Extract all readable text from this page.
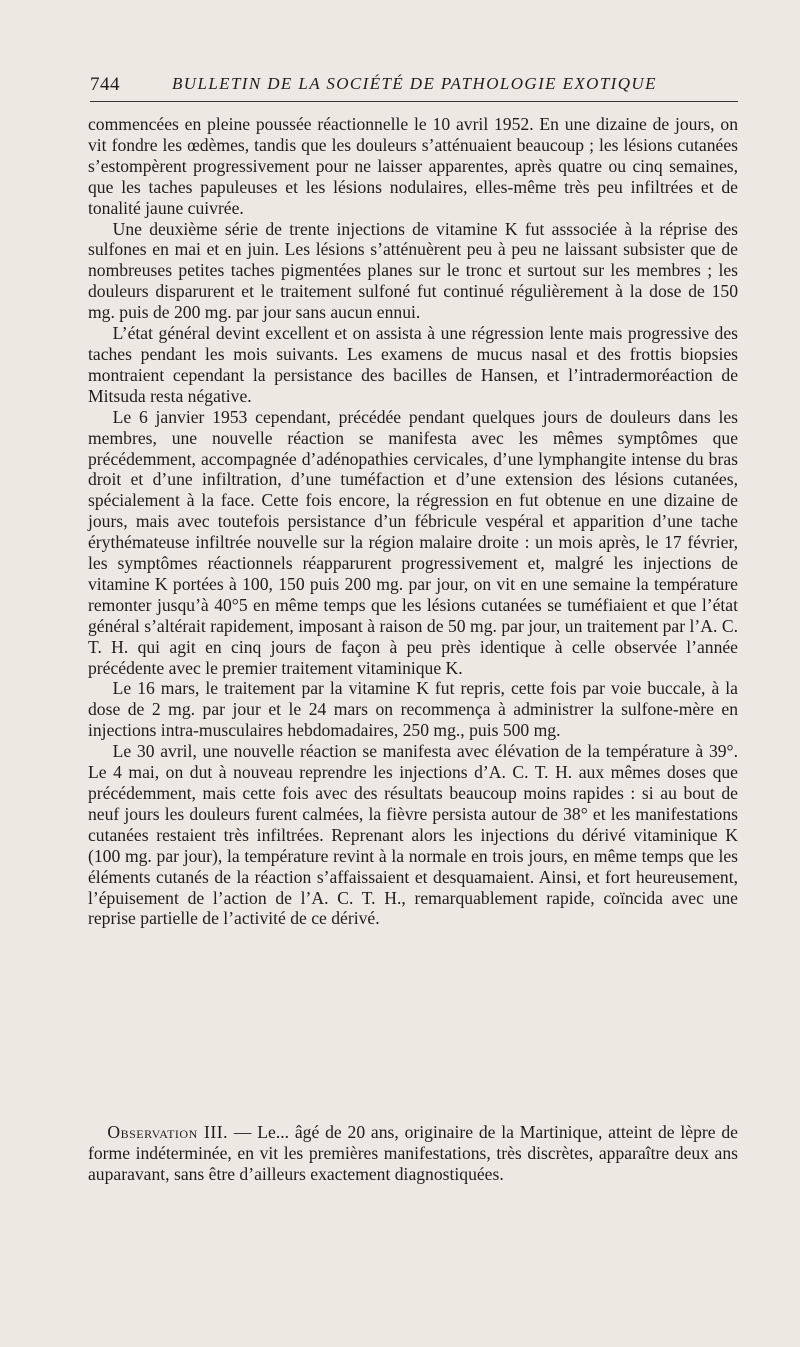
744	BULLETIN DE LA SOCIÉTÉ DE PATHOLOGIE EXOTIQUE

commencées en pleine poussée réactionnelle le 10 avril 1952. En une dizaine de jours, on vit fondre les œdèmes, tandis que les douleurs s’atténuaient beaucoup ; les lésions cutanées s’estompèrent progressivement pour ne laisser apparentes, après quatre ou cinq semaines, que les taches papuleuses et les lésions nodulaires, elles-même très peu infiltrées et de tonalité jaune cuivrée.

Une deuxième série de trente injections de vitamine K fut asssociée à la réprise des sulfones en mai et en juin. Les lésions s’atténuèrent peu à peu ne laissant subsister que de nombreuses petites taches pigmentées planes sur le tronc et surtout sur les membres ; les douleurs disparurent et le traitement sulfoné fut continué régulièrement à la dose de 150 mg. puis de 200 mg. par jour sans aucun ennui.

L’état général devint excellent et on assista à une régression lente mais progressive des taches pendant les mois suivants. Les examens de mucus nasal et des frottis biopsies montraient cependant la persistance des bacilles de Hansen, et l’intradermoréaction de Mitsuda resta négative.

Le 6 janvier 1953 cependant, précédée pendant quelques jours de douleurs dans les membres, une nouvelle réaction se manifesta avec les mêmes symptômes que précédemment, accompagnée d’adénopathies cervicales, d’une lymphangite intense du bras droit et d’une infiltration, d’une tuméfaction et d’une extension des lésions cutanées, spécialement à la face. Cette fois encore, la régression en fut obtenue en une dizaine de jours, mais avec toutefois persistance d’un fébricule vespéral et apparition d’une tache érythémateuse infiltrée nouvelle sur la région malaire droite : un mois après, le 17 février, les symptômes réactionnels réapparurent progressivement et, malgré les injections de vitamine K portées à 100, 150 puis 200 mg. par jour, on vit en une semaine la température remonter jusqu’à 40°5 en même temps que les lésions cutanées se tuméfiaient et que l’état général s’altérait rapidement, imposant à raison de 50 mg. par jour, un traitement par l’A. C. T. H. qui agit en cinq jours de façon à peu près identique à celle observée l’année précédente avec le premier traitement vitaminique K.

Le 16 mars, le traitement par la vitamine K fut repris, cette fois par voie buccale, à la dose de 2 mg. par jour et le 24 mars on recommença à administrer la sulfone-mère en injections intra-musculaires hebdomadaires, 250 mg., puis 500 mg.

Le 30 avril, une nouvelle réaction se manifesta avec élévation de la température à 39°. Le 4 mai, on dut à nouveau reprendre les injections d’A. C. T. H. aux mêmes doses que précédemment, mais cette fois avec des résultats beaucoup moins rapides : si au bout de neuf jours les douleurs furent calmées, la fièvre persista autour de 38° et les manifestations cutanées restaient très infiltrées. Reprenant alors les injections du dérivé vitaminique K (100 mg. par jour), la température revint à la normale en trois jours, en même temps que les éléments cutanés de la réaction s’affaissaient et desquamaient. Ainsi, et fort heureusement, l’épuisement de l’action de l’A. C. T. H., remarquablement rapide, coïncida avec une reprise partielle de l’activité de ce dérivé.

Observation III. — Le... âgé de 20 ans, originaire de la Martinique, atteint de lèpre de forme indéterminée, en vit les premières manifestations, très discrètes, apparaître deux ans auparavant, sans être d’ailleurs exactement diagnostiquées.
